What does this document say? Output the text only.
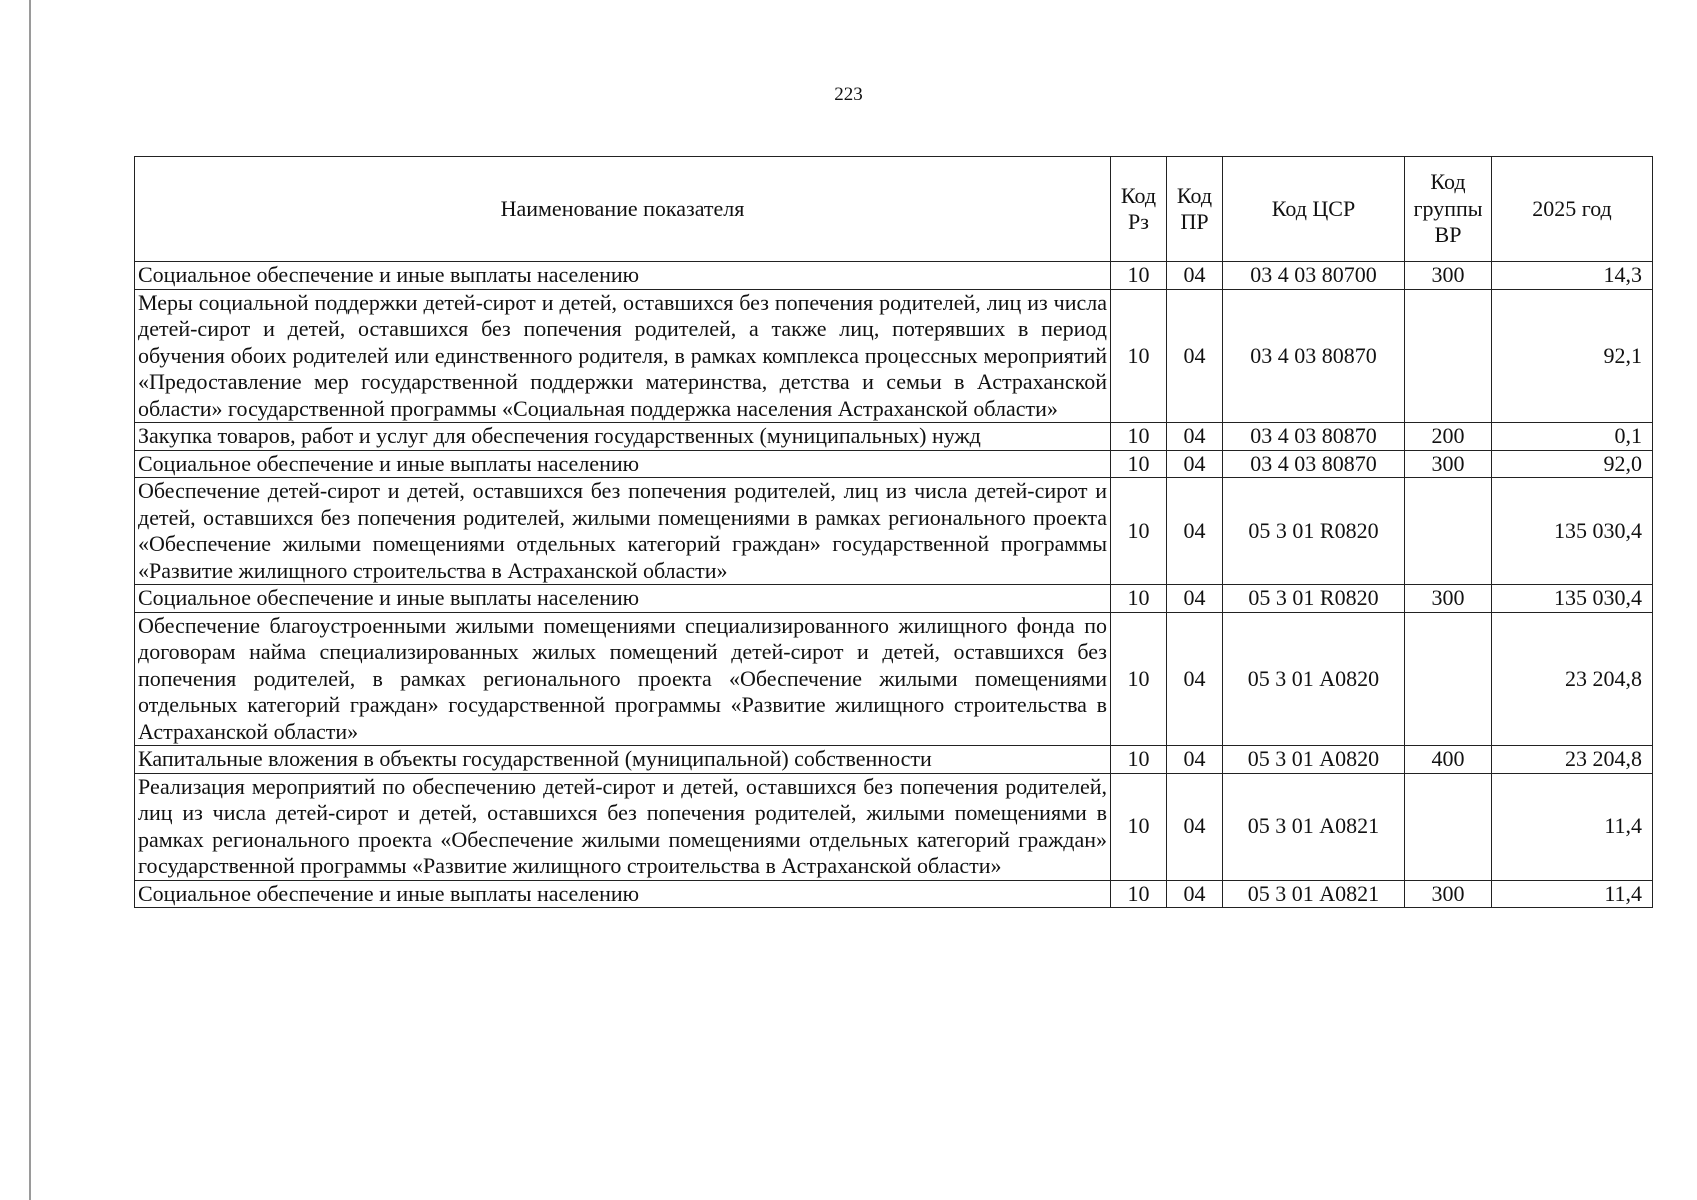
223
Наименование показателя	Код Рз	Код ПР	Код ЦСР	Код группы ВР	2025 год
Социальное обеспечение и иные выплаты населению	10	04	03 4 03 80700	300	14,3
Меры социальной поддержки детей-сирот и детей, оставшихся без попечения родителей, лиц из числа детей-сирот и детей, оставшихся без попечения родителей, а также лиц, потерявших в период обучения обоих родителей или единственного родителя, в рамках комплекса процессных мероприятий «Предоставление мер государственной поддержки материнства, детства и семьи в Астраханской области» государственной программы «Социальная поддержка населения Астраханской области»	10	04	03 4 03 80870		92,1
Закупка товаров, работ и услуг для обеспечения государственных (муниципальных) нужд	10	04	03 4 03 80870	200	0,1
Социальное обеспечение и иные выплаты населению	10	04	03 4 03 80870	300	92,0
Обеспечение детей-сирот и детей, оставшихся без попечения родителей, лиц из числа детей-сирот и детей, оставшихся без попечения родителей, жилыми помещениями в рамках регионального проекта «Обеспечение жилыми помещениями отдельных категорий граждан» государственной программы «Развитие жилищного строительства в Астраханской области»	10	04	05 3 01 R0820		135 030,4
Социальное обеспечение и иные выплаты населению	10	04	05 3 01 R0820	300	135 030,4
Обеспечение благоустроенными жилыми помещениями специализированного жилищного фонда по договорам найма специализированных жилых помещений детей-сирот и детей, оставшихся без попечения родителей, в рамках регионального проекта «Обеспечение жилыми помещениями отдельных категорий граждан» государственной программы «Развитие жилищного строительства в Астраханской области»	10	04	05 3 01 А0820		23 204,8
Капитальные вложения в объекты государственной (муниципальной) собственности	10	04	05 3 01 А0820	400	23 204,8
Реализация мероприятий по обеспечению детей-сирот и детей, оставшихся без попечения родителей, лиц из числа детей-сирот и детей, оставшихся без попечения родителей, жилыми помещениями в рамках регионального проекта «Обеспечение жилыми помещениями отдельных категорий граждан» государственной программы «Развитие жилищного строительства в Астраханской области»	10	04	05 3 01 А0821		11,4
Социальное обеспечение и иные выплаты населению	10	04	05 3 01 А0821	300	11,4
